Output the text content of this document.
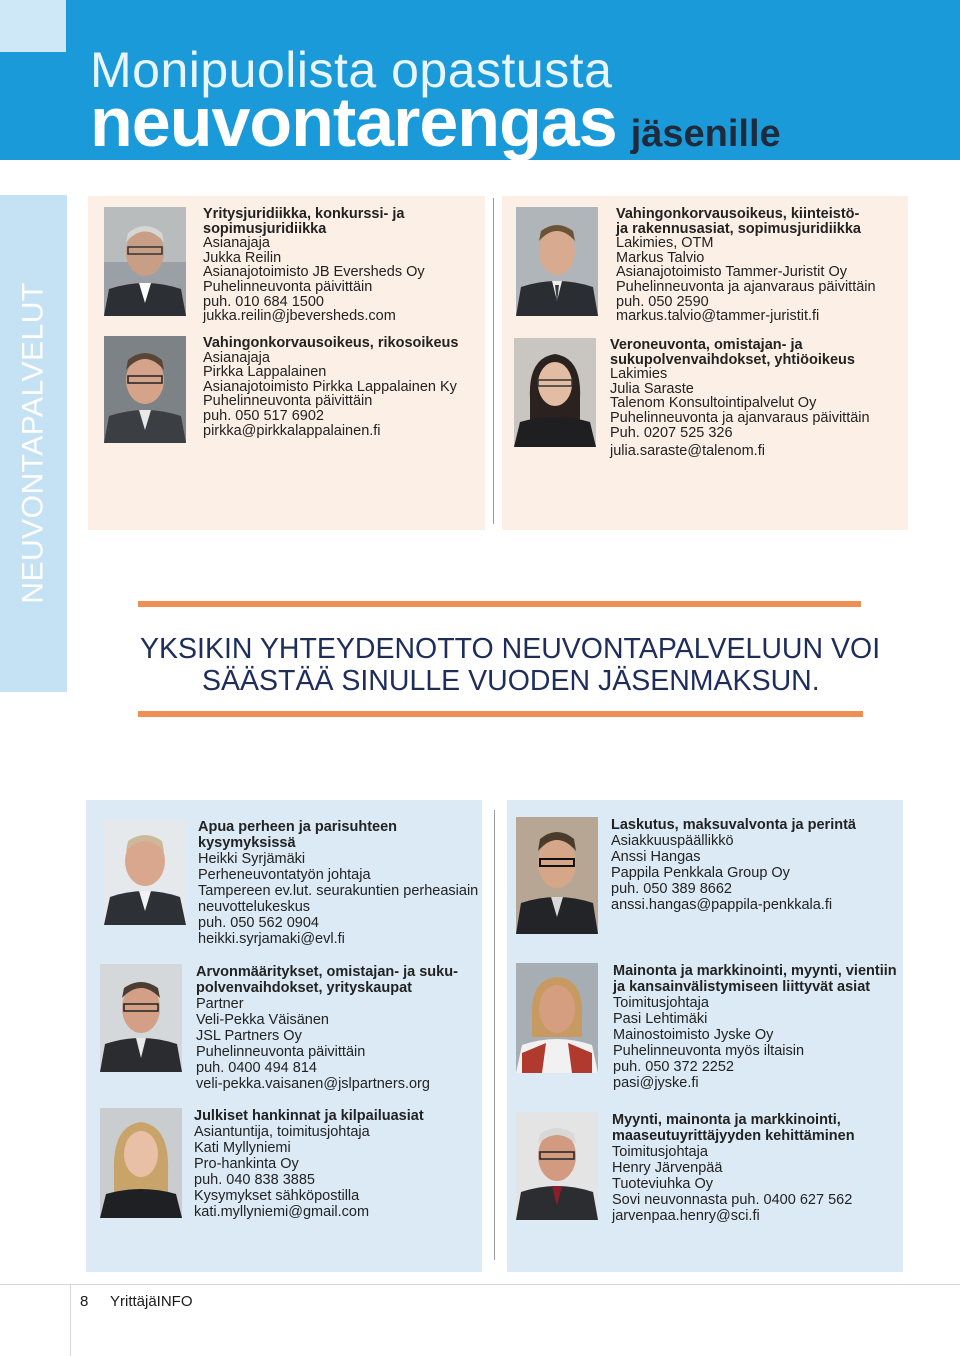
Monipuolista opastusta
neuvontarengas jäsenille
NEUVONTAPALVELUT
Yritysjuridiikka, konkurssi- ja
sopimusjuridiikka
Asianajaja
Jukka Reilin
Asianajotoimisto JB Eversheds Oy
Puhelinneuvonta päivittäin
puh. 010 684 1500
jukka.reilin@jbeversheds.com
Vahingonkorvausoikeus, rikosoikeus
Asianajaja
Pirkka Lappalainen
Asianajotoimisto Pirkka Lappalainen Ky
Puhelinneuvonta päivittäin
puh. 050 517 6902
pirkka@pirkkalappalainen.fi
Vahingonkorvausoikeus, kiinteistö-
ja rakennusasiat, sopimusjuridiikka
Lakimies, OTM
Markus Talvio
Asianajotoimisto Tammer-Juristit Oy
Puhelinneuvonta ja ajanvaraus päivittäin
puh. 050 2590
markus.talvio@tammer-juristit.fi
Veroneuvonta, omistajan- ja
sukupolvenvaihdokset, yhtiöoikeus
Lakimies
Julia Saraste
Talenom Konsultointipalvelut Oy
Puhelinneuvonta ja ajanvaraus päivittäin
Puh. 0207 525 326
julia.saraste@talenom.fi
YKSIKIN YHTEYDENOTTO NEUVONTAPALVELUUN VOI
SÄÄSTÄÄ SINULLE VUODEN JÄSENMAKSUN.
Apua perheen ja parisuhteen
kysymyksissä
Heikki Syrjämäki
Perheneuvontatyön johtaja
Tampereen ev.lut. seurakuntien perheasiain
neuvottelukeskus
puh. 050 562 0904
heikki.syrjamaki@evl.fi
Arvonmääritykset, omistajan- ja suku-
polvenvaihdokset, yrityskaupat
Partner
Veli-Pekka Väisänen
JSL Partners Oy
Puhelinneuvonta päivittäin
puh. 0400 494 814
veli-pekka.vaisanen@jslpartners.org
Julkiset hankinnat ja kilpailuasiat
Asiantuntija, toimitusjohtaja
Kati Myllyniemi
Pro-hankinta Oy
puh. 040 838 3885
Kysymykset sähköpostilla
kati.myllyniemi@gmail.com
Laskutus, maksuvalvonta ja perintä
Asiakkuuspäällikkö
Anssi Hangas
Pappila Penkkala Group Oy
puh. 050 389 8662
anssi.hangas@pappila-penkkala.fi
Mainonta ja markkinointi, myynti, vientiin
ja kansainvälistymiseen liittyvät asiat
Toimitusjohtaja
Pasi Lehtimäki
Mainostoimisto Jyske Oy
Puhelinneuvonta myös iltaisin
puh. 050 372 2252
pasi@jyske.fi
Myynti, mainonta ja markkinointi,
maaseutuyrittäjyyden kehittäminen
Toimitusjohtaja
Henry Järvenpää
Tuoteviuhka Oy
Sovi neuvonnasta puh. 0400 627 562
jarvenpaa.henry@sci.fi
8 YrittäjäINFO
